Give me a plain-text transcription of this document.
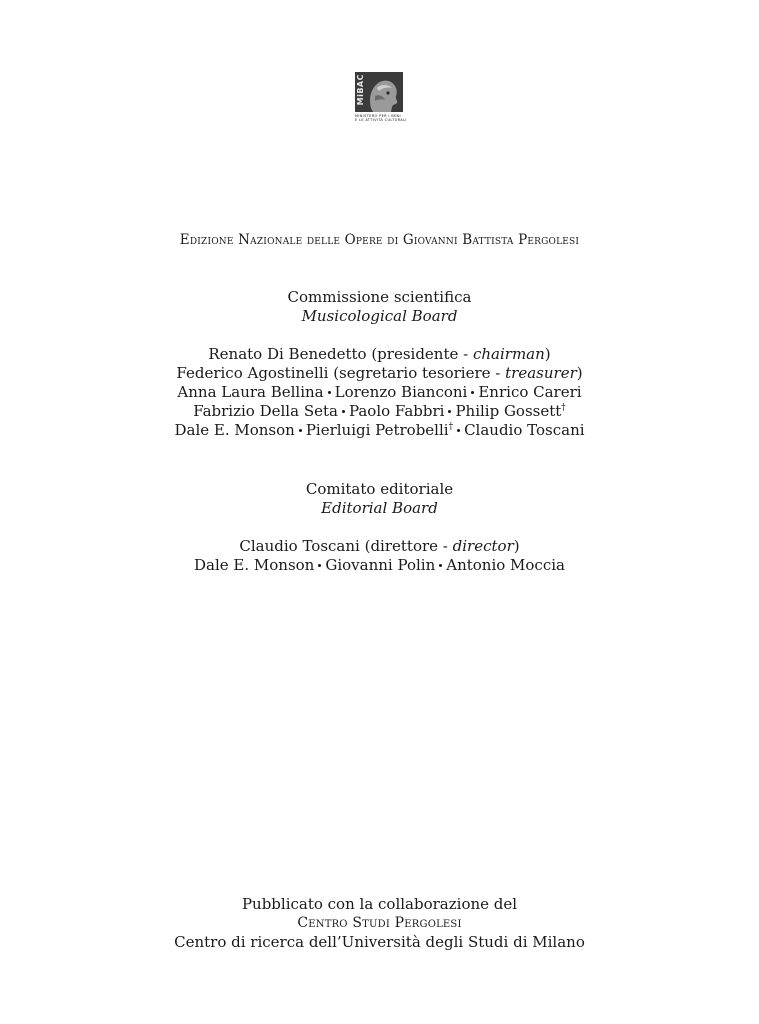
MiBAC
MINISTERO PER I BENI
E LE ATTIVITÀ CULTURALI
Edizione Nazionale delle Opere di Giovanni Battista Pergolesi
Commissione scientifica
Musicological Board
Renato Di Benedetto (presidente - chairman)
Federico Agostinelli (segretario tesoriere - treasurer)
Anna Laura Bellina Lorenzo Bianconi Enrico Careri
Fabrizio Della Seta Paolo Fabbri Philip Gossett†
Dale E. Monson Pierluigi Petrobelli† Claudio Toscani
Comitato editoriale
Editorial Board
Claudio Toscani (direttore - director)
Dale E. Monson Giovanni Polin Antonio Moccia
Pubblicato con la collaborazione del
Centro Studi Pergolesi
Centro di ricerca dell’Università degli Studi di Milano
